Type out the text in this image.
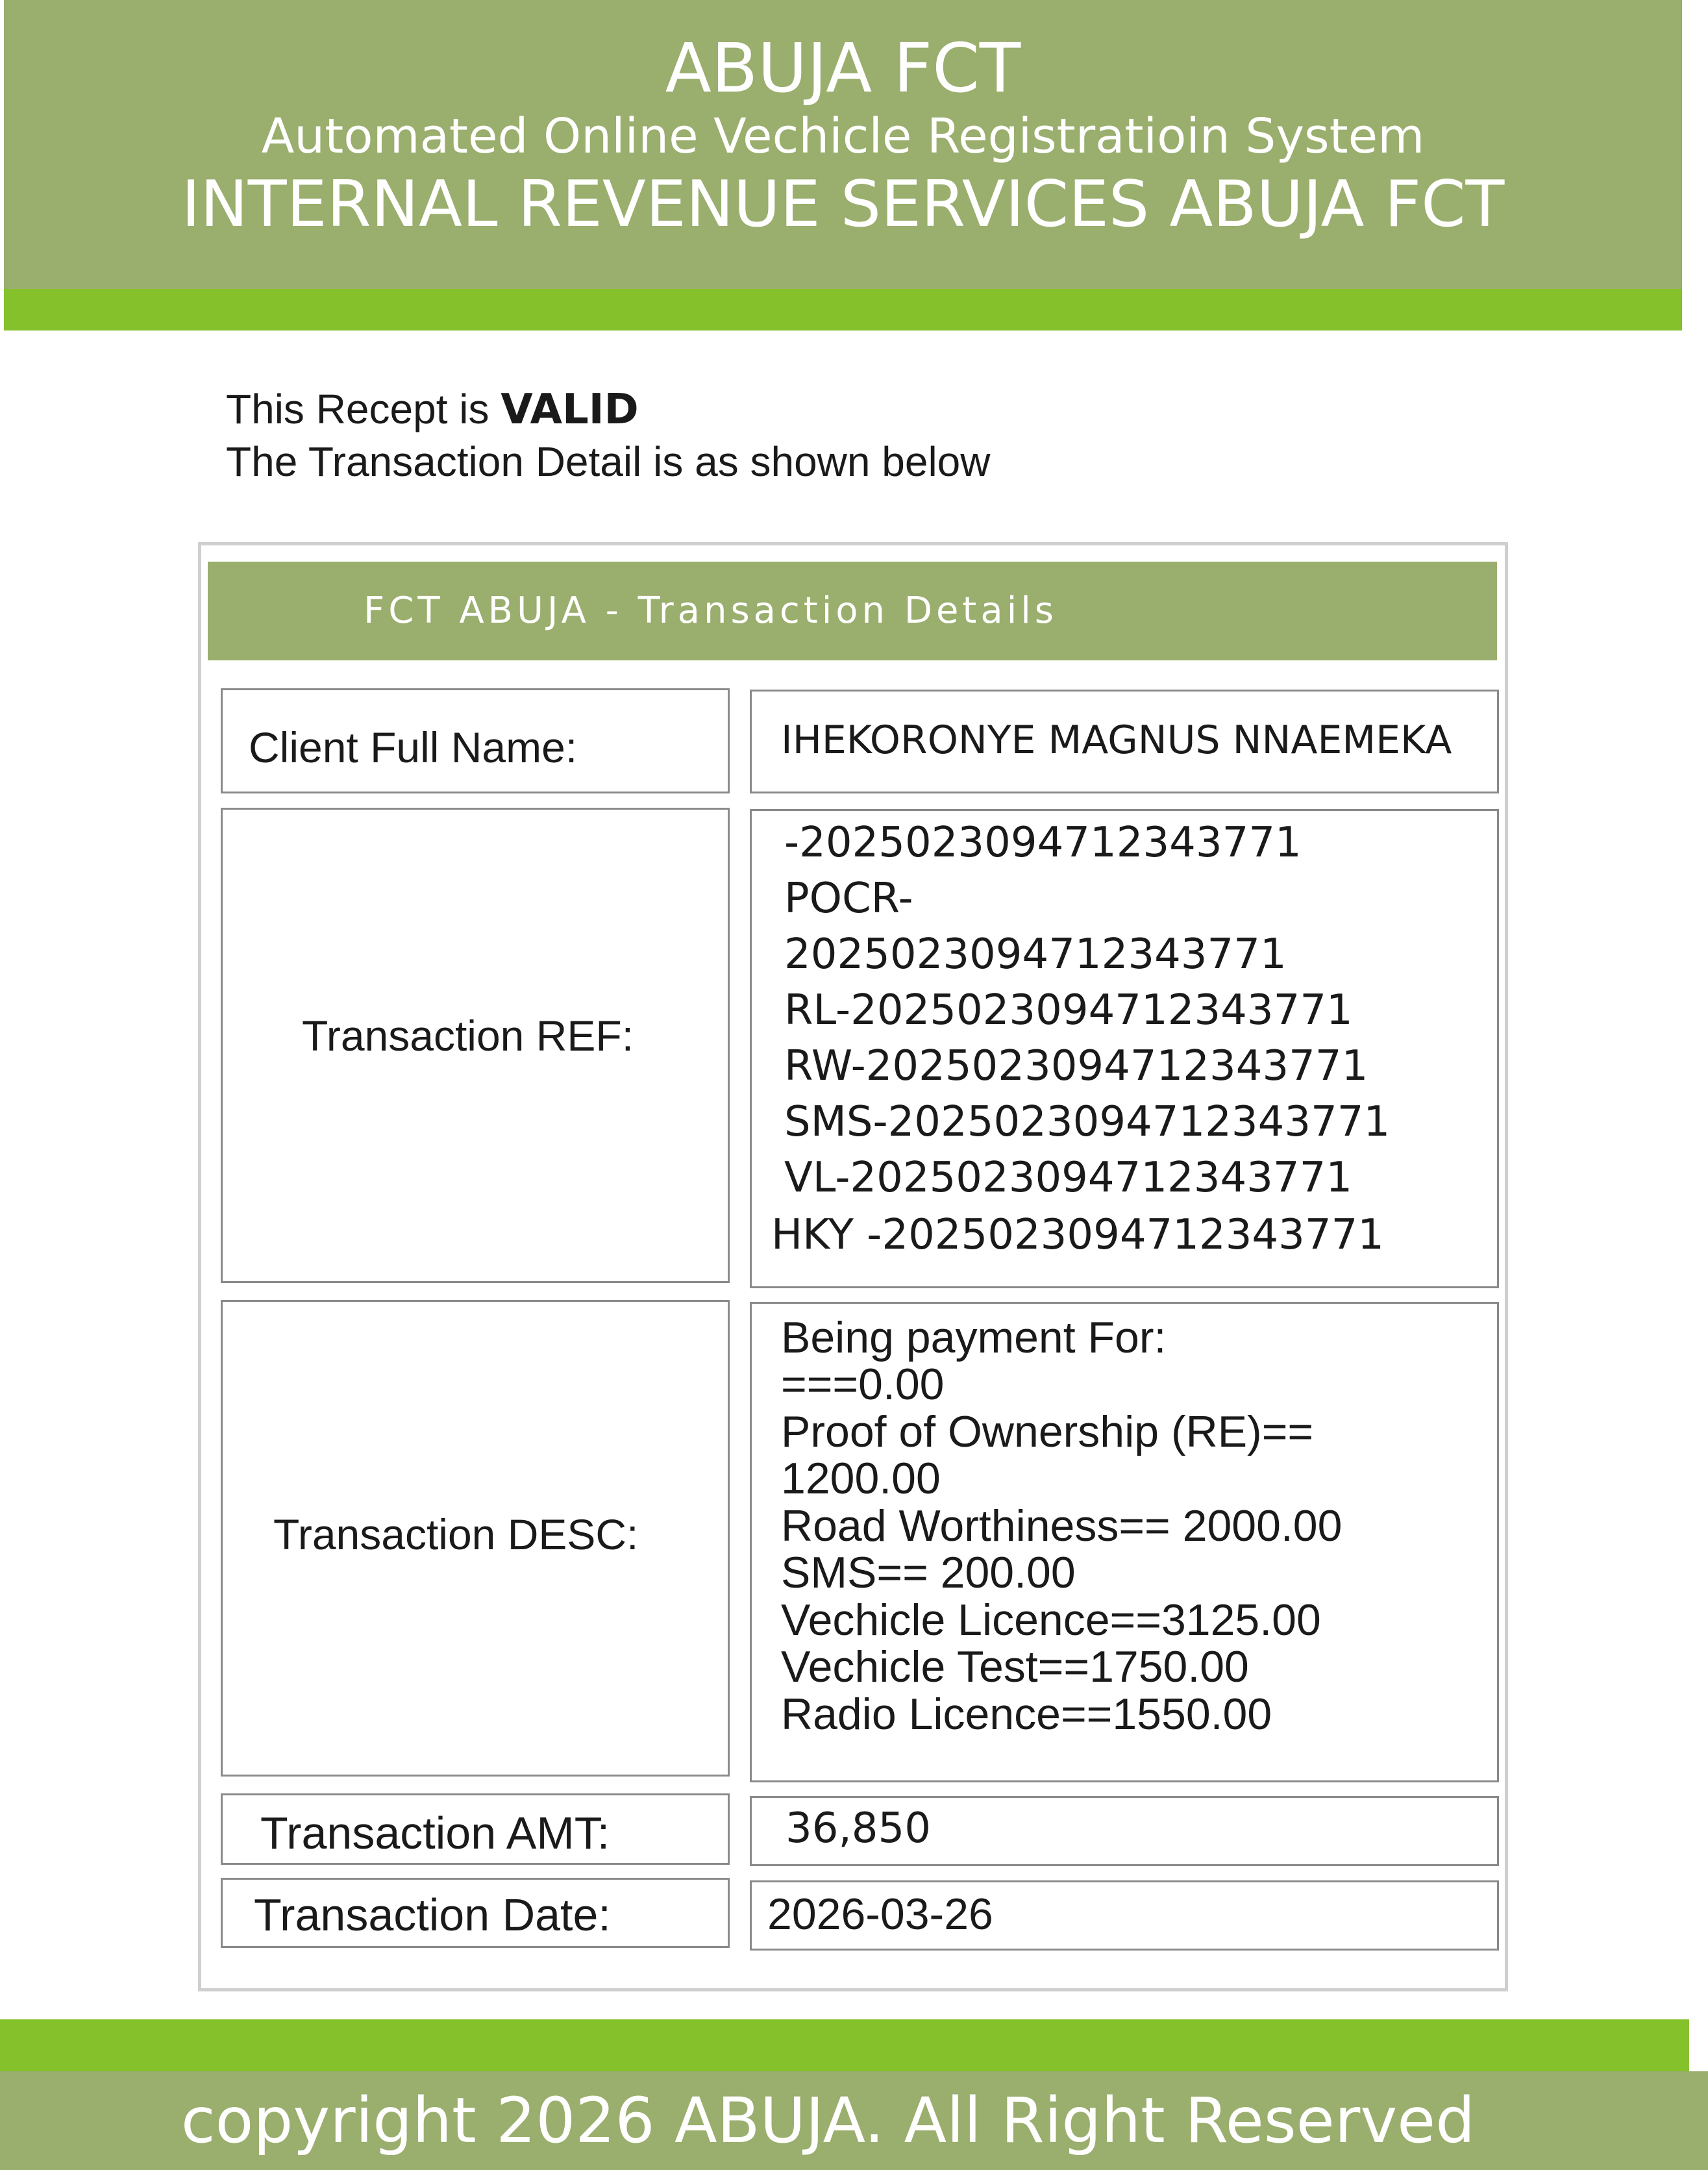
ABUJA FCT
Automated Online Vechicle Registratioin System
INTERNAL REVENUE SERVICES ABUJA FCT
This Recept is VALID
The Transaction Detail is as shown below
FCT ABUJA - Transaction Details
Client Full Name:	IHEKORONYE MAGNUS NNAEMEKA
Transaction REF:
-2025023094712343771
POCR-
2025023094712343771
RL-2025023094712343771
RW-2025023094712343771
SMS-2025023094712343771
VL-2025023094712343771
HKY -2025023094712343771
Transaction DESC:
Being payment For:
===0.00
Proof of Ownership (RE)==
1200.00
Road Worthiness== 2000.00
SMS== 200.00
Vechicle Licence==3125.00
Vechicle Test==1750.00
Radio Licence==1550.00
Transaction AMT:	36,850
Transaction Date:	2026-03-26
copyright 2026 ABUJA. All Right Reserved
